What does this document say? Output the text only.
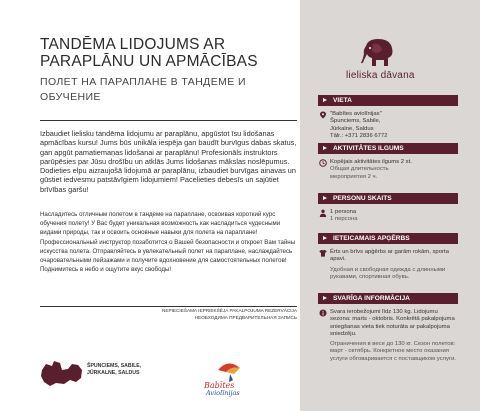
TANDĒMA LIDOJUMS AR PARAPLĀNU UN APMĀCĪBAS
ПОЛЕТ НА ПАРАПЛАНЕ В ТАНДЕМЕ И ОБУЧЕНИЕ
Izbaudiet lielisku tandēma lidojumu ar paraplānu, apgūstot īsu lidošanas apmācības kursu! Jums būs unikāla iespēja gan baudīt burvīgus dabas skatus, gan apgūt pamatiemaņas lidošanai ar paraplānu! Profesionāls instruktors parūpēsies par Jūsu drošību un atklās Jums lidošanas mākslas noslēpumus. Dodieties elpu aizraujošā lidojumā ar paraplānu, izbaudiet burvīgas ainavas un gūstiet iedvesmu patstāvīgiem lidojumiem! Pacelieties debesīs un sajūtiet brīvības garšu!
Насладитесь отличным полетом в тандеме на параплане, освоивая короткий курс обучения полету! У Вас будет уникальная возможность как насладиться чудесными видами природы, так и освоить основные навыки для полета на параплане! Профессиональный инструктор позаботится о Вашей безопасности и откроет Вам тайны искусства полета. Отправляйтесь в увлекательный полет на параплане, наслаждайтесь очаровательными пейзажами и получите вдохновение для самостоятельных полетов! Поднимитесь в небо и ощутите вкус свободы!
NEPIECIEŠAMA IEPRIEKŠĒJA PAKALPOJUMA REZERVĀCIJA
НЕОБХОДИМА ПРЕДВАРИТЕЛЬНАЯ ЗАПИСЬ
ŠPUNCIEMS, SABILE,
JŪRKALNE, SALDUS
Babītes
Aviolīnijas
lieliska dāvana
VIETA
"Babītes aviolīnijas"
Špunciems, Sabile,
Jūrkalne, Saldus
Tālr.: +371 2836 6772
AKTIVITĀTES ILGUMS
Kopējais aktivitātes ilgums 2 st.
Общая длительность
мероприятия 2 ч.
PERSONU SKAITS
1 persona
1 персона
IETEICAMAIS APĢĒRBS
Ērts un brīvs apģērbs ar garām rokām, sporta apavi.
Удобная и свободная одежда с длинными рукавами, спортивная обувь.
SVARĪGA INFORMĀCIJA
Svara ierobežojumi līdz 130 kg. Lidojumu sezona: marts - oktobris. Konkrētā pakalpojuma sniegšanas vieta tiek noturāta ar pakalpojuma sniedzēju.
Ограничения в весе до 130 кг. Сезон полетов: март - октябрь. Конкретное место оказания услуги обговаривается с поставщиком услуги.
